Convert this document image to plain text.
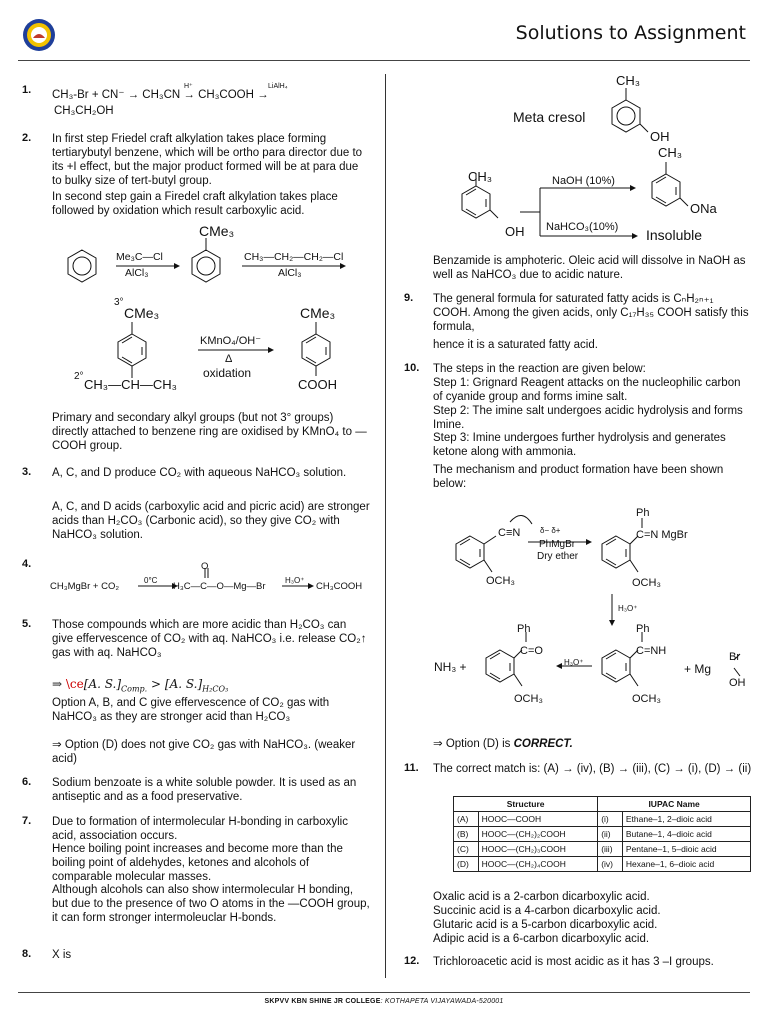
Solutions to Assignment
1. CH₃-Br + CN⁻ → CH₃CN → CH₃COOH →
H⁺	LiAlH₄
CH₃CH₂OH
2. In first step Friedel craft alkylation takes place forming tertiarybutyl benzene, which will be ortho para director due to its +I effect, but the major product formed will be at para due to bulky size of tert-butyl group.
In second step gain a Firedel craft alkylation takes place followed by oxidation which result carboxylic acid.
Me₃C—Cl
AlCl₃
CMe₃
CH₃—CH₂—CH₂—Cl
AlCl₃
3°
CMe₃
2°
CH₃—CH—CH₃
KMnO₄/OH⁻
Δ
oxidation
CMe₃
COOH
Primary and secondary alkyl groups (but not 3° groups) directly attached to benzene ring are oxidised by KMnO₄ to —COOH group.
3. A, C, and D produce CO₂ with aqueous NaHCO₃ solution.
A, C, and D acids (carboxylic acid and picric acid) are stronger acids than H₂CO₃ (Carbonic acid), so they give CO₂ with NaHCO₃ solution.
4.
CH₃MgBr + CO₂
0°C
O
H₃C—C—O—Mg—Br
H₃O⁺
CH₃COOH
5. Those compounds which are more acidic than H₂CO₃ can give effervescence of CO₂ with aq. NaHCO₃ i.e. release CO₂↑ gas with aq. NaHCO₃
⇒ \ce[A. $S.]_{Comp.} > [A$. $S.]_{H_2CO_3}$
Option A, B, and C give effervescence of CO₂ gas with NaHCO₃ as they are stronger acid than H₂CO₃
⇒ Option (D) does not give CO₂ gas with NaHCO₃. (weaker acid)
6. Sodium benzoate is a white soluble powder. It is used as an antiseptic and as a food preservative.
7. Due to formation of intermolecular H-bonding in carboxylic acid, association occurs.
Hence boiling point increases and become more than the boiling point of aldehydes, ketones and alcohols of comparable molecular masses.
Although alcohols can also show intermolecular H bonding, but due to the presence of two O atoms in the —COOH group, it can form stronger intermoleuclar H-bonds.
8. X is
CH₃
Meta cresol
OH
CH₃
CH₃	NaOH (10%)
ONa
NaHCO₃(10%)
OH	Insoluble
Benzamide is amphoteric. Oleic acid will dissolve in NaOH as well as NaHCO₃ due to acidic nature.
9. The general formula for saturated fatty acids is CₙH₂ₙ₊₁ COOH. Among the given acids, only C₁₇H₃₅ COOH satisfy this formula,
hence it is a saturated fatty acid.
10. The steps in the reaction are given below:
Step 1: Grignard Reagent attacks on the nucleophilic carbon of cyanide group and forms imine salt.
Step 2: The imine salt undergoes acidic hydrolysis and forms Imine.
Step 3: Imine undergoes further hydrolysis and generates ketone along with ammonia.
The mechanism and product formation have been shown below:
C≡N δ− δ+
PhMgBr
Dry ether
Ph
C=N MgBr
OCH₃	OCH₃
H₃O⁺
Ph	Ph
C=O	C=NH
H₃O⁺
NH₃ +	+ Mg
Br
OH
OCH₃	OCH₃
⇒ Option (D) is CORRECT.
11. The correct match is: (A) → (iv), (B) → (iii), (C) → (i), (D) → (ii)
Structure		IUPAC Name	
(A)	HOOC—COOH	(i)	Ethane–1, 2–dioic acid
(B)	HOOC—(CH₂)₂COOH	(ii)	Butane–1, 4–dioic acid
(C)	HOOC—(CH₂)₃COOH	(iii)	Pentane–1, 5–dioic acid
(D)	HOOC—(CH₂)₄COOH	(iv)	Hexane–1, 6–dioic acid
Oxalic acid is a 2-carbon dicarboxylic acid.
Succinic acid is a 4-carbon dicarboxylic acid.
Glutaric acid is a 5-carbon dicarboxylic acid.
Adipic acid is a 6-carbon dicarboxylic acid.
12. Trichloroacetic acid is most acidic as it has 3 –I groups.
SKPVV KBN SHINE JR COLLEGE: KOTHAPETA VIJAYAWADA-520001
